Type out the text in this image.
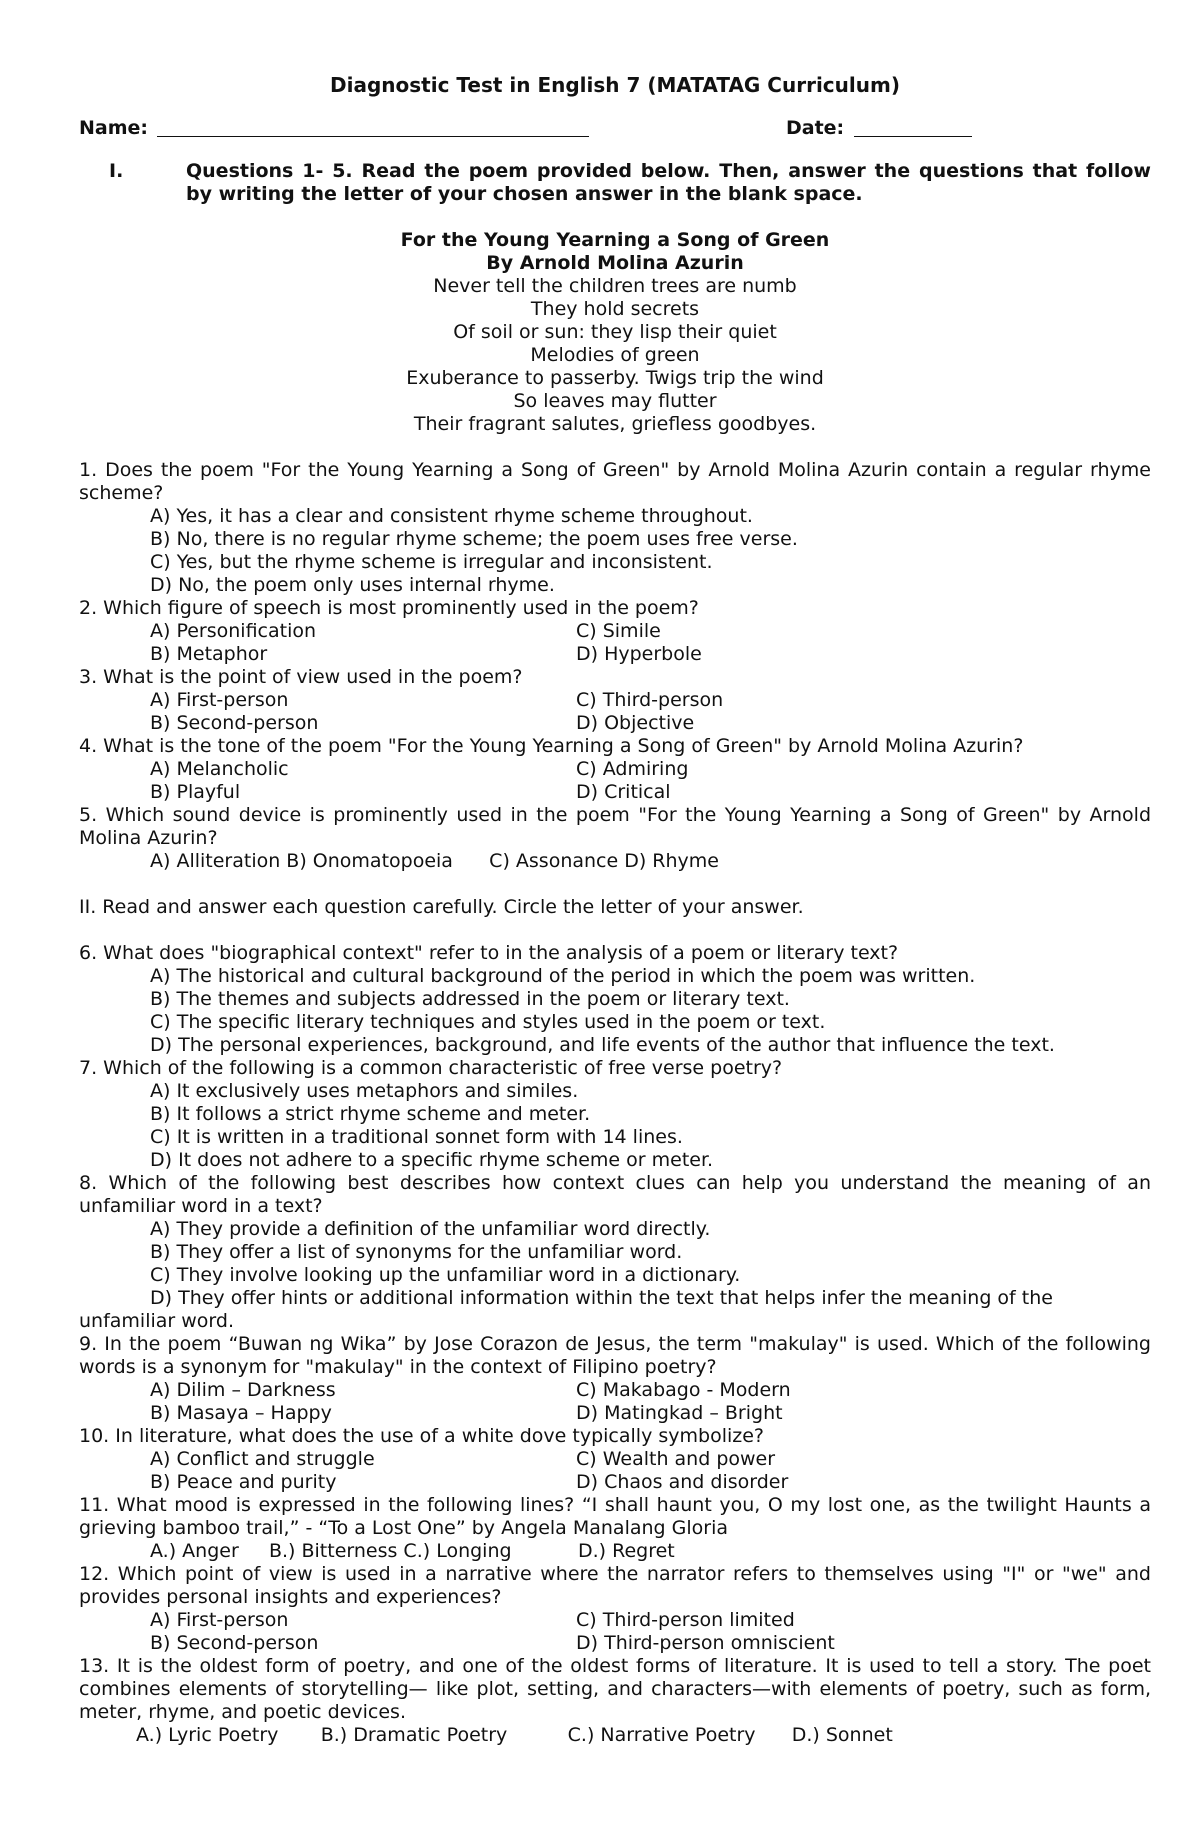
Diagnostic Test in English 7 (MATATAG Curriculum)
Name:	Date:
I.	Questions 1- 5. Read the poem provided below. Then, answer the questions that follow by writing the letter of your chosen answer in the blank space.
For the Young Yearning a Song of Green
By Arnold Molina Azurin
Never tell the children trees are numb
They hold secrets
Of soil or sun: they lisp their quiet
Melodies of green
Exuberance to passerby. Twigs trip the wind
So leaves may flutter
Their fragrant salutes, griefless goodbyes.
1. Does the poem "For the Young Yearning a Song of Green" by Arnold Molina Azurin contain a regular rhyme scheme?
A) Yes, it has a clear and consistent rhyme scheme throughout.
B) No, there is no regular rhyme scheme; the poem uses free verse.
C) Yes, but the rhyme scheme is irregular and inconsistent.
D) No, the poem only uses internal rhyme.
2. Which figure of speech is most prominently used in the poem?
A) Personification	C) Simile
B) Metaphor	D) Hyperbole
3. What is the point of view used in the poem?
A) First-person	C) Third-person
B) Second-person	D) Objective
4. What is the tone of the poem "For the Young Yearning a Song of Green" by Arnold Molina Azurin?
A) Melancholic	C) Admiring
B) Playful	D) Critical
5. Which sound device is prominently used in the poem "For the Young Yearning a Song of Green" by Arnold Molina Azurin?
A) Alliteration B) Onomatopoeia      C) Assonance D) Rhyme
II. Read and answer each question carefully. Circle the letter of your answer.
6. What does "biographical context" refer to in the analysis of a poem or literary text?
A) The historical and cultural background of the period in which the poem was written.
B) The themes and subjects addressed in the poem or literary text.
C) The specific literary techniques and styles used in the poem or text.
D) The personal experiences, background, and life events of the author that influence the text.
7. Which of the following is a common characteristic of free verse poetry?
A) It exclusively uses metaphors and similes.
B) It follows a strict rhyme scheme and meter.
C) It is written in a traditional sonnet form with 14 lines.
D) It does not adhere to a specific rhyme scheme or meter.
8. Which of the following best describes how context clues can help you understand the meaning of an unfamiliar word in a text?
A) They provide a definition of the unfamiliar word directly.
B) They offer a list of synonyms for the unfamiliar word.
C) They involve looking up the unfamiliar word in a dictionary.
D) They offer hints or additional information within the text that helps infer the meaning of the
unfamiliar word.
9. In the poem “Buwan ng Wika” by Jose Corazon de Jesus, the term "makulay" is used. Which of the following words is a synonym for "makulay" in the context of Filipino poetry?
A) Dilim – Darkness	C) Makabago - Modern
B) Masaya – Happy	D) Matingkad – Bright
10. In literature, what does the use of a white dove typically symbolize?
A) Conflict and struggle	C) Wealth and power
B) Peace and purity	D) Chaos and disorder
11. What mood is expressed in the following lines? “I shall haunt you, O my lost one, as the twilight Haunts a grieving bamboo trail,” - “To a Lost One” by Angela Manalang Gloria
A.) Anger     B.) Bitterness C.) Longing           D.) Regret
12. Which point of view is used in a narrative where the narrator refers to themselves using "I" or "we" and provides personal insights and experiences?
A) First-person	C) Third-person limited
B) Second-person	D) Third-person omniscient
13. It is the oldest form of poetry, and one of the oldest forms of literature. It is used to tell a story. The poet combines elements of storytelling— like plot, setting, and characters—with elements of poetry, such as form, meter, rhyme, and poetic devices.
A.) Lyric Poetry       B.) Dramatic Poetry          C.) Narrative Poetry      D.) Sonnet
